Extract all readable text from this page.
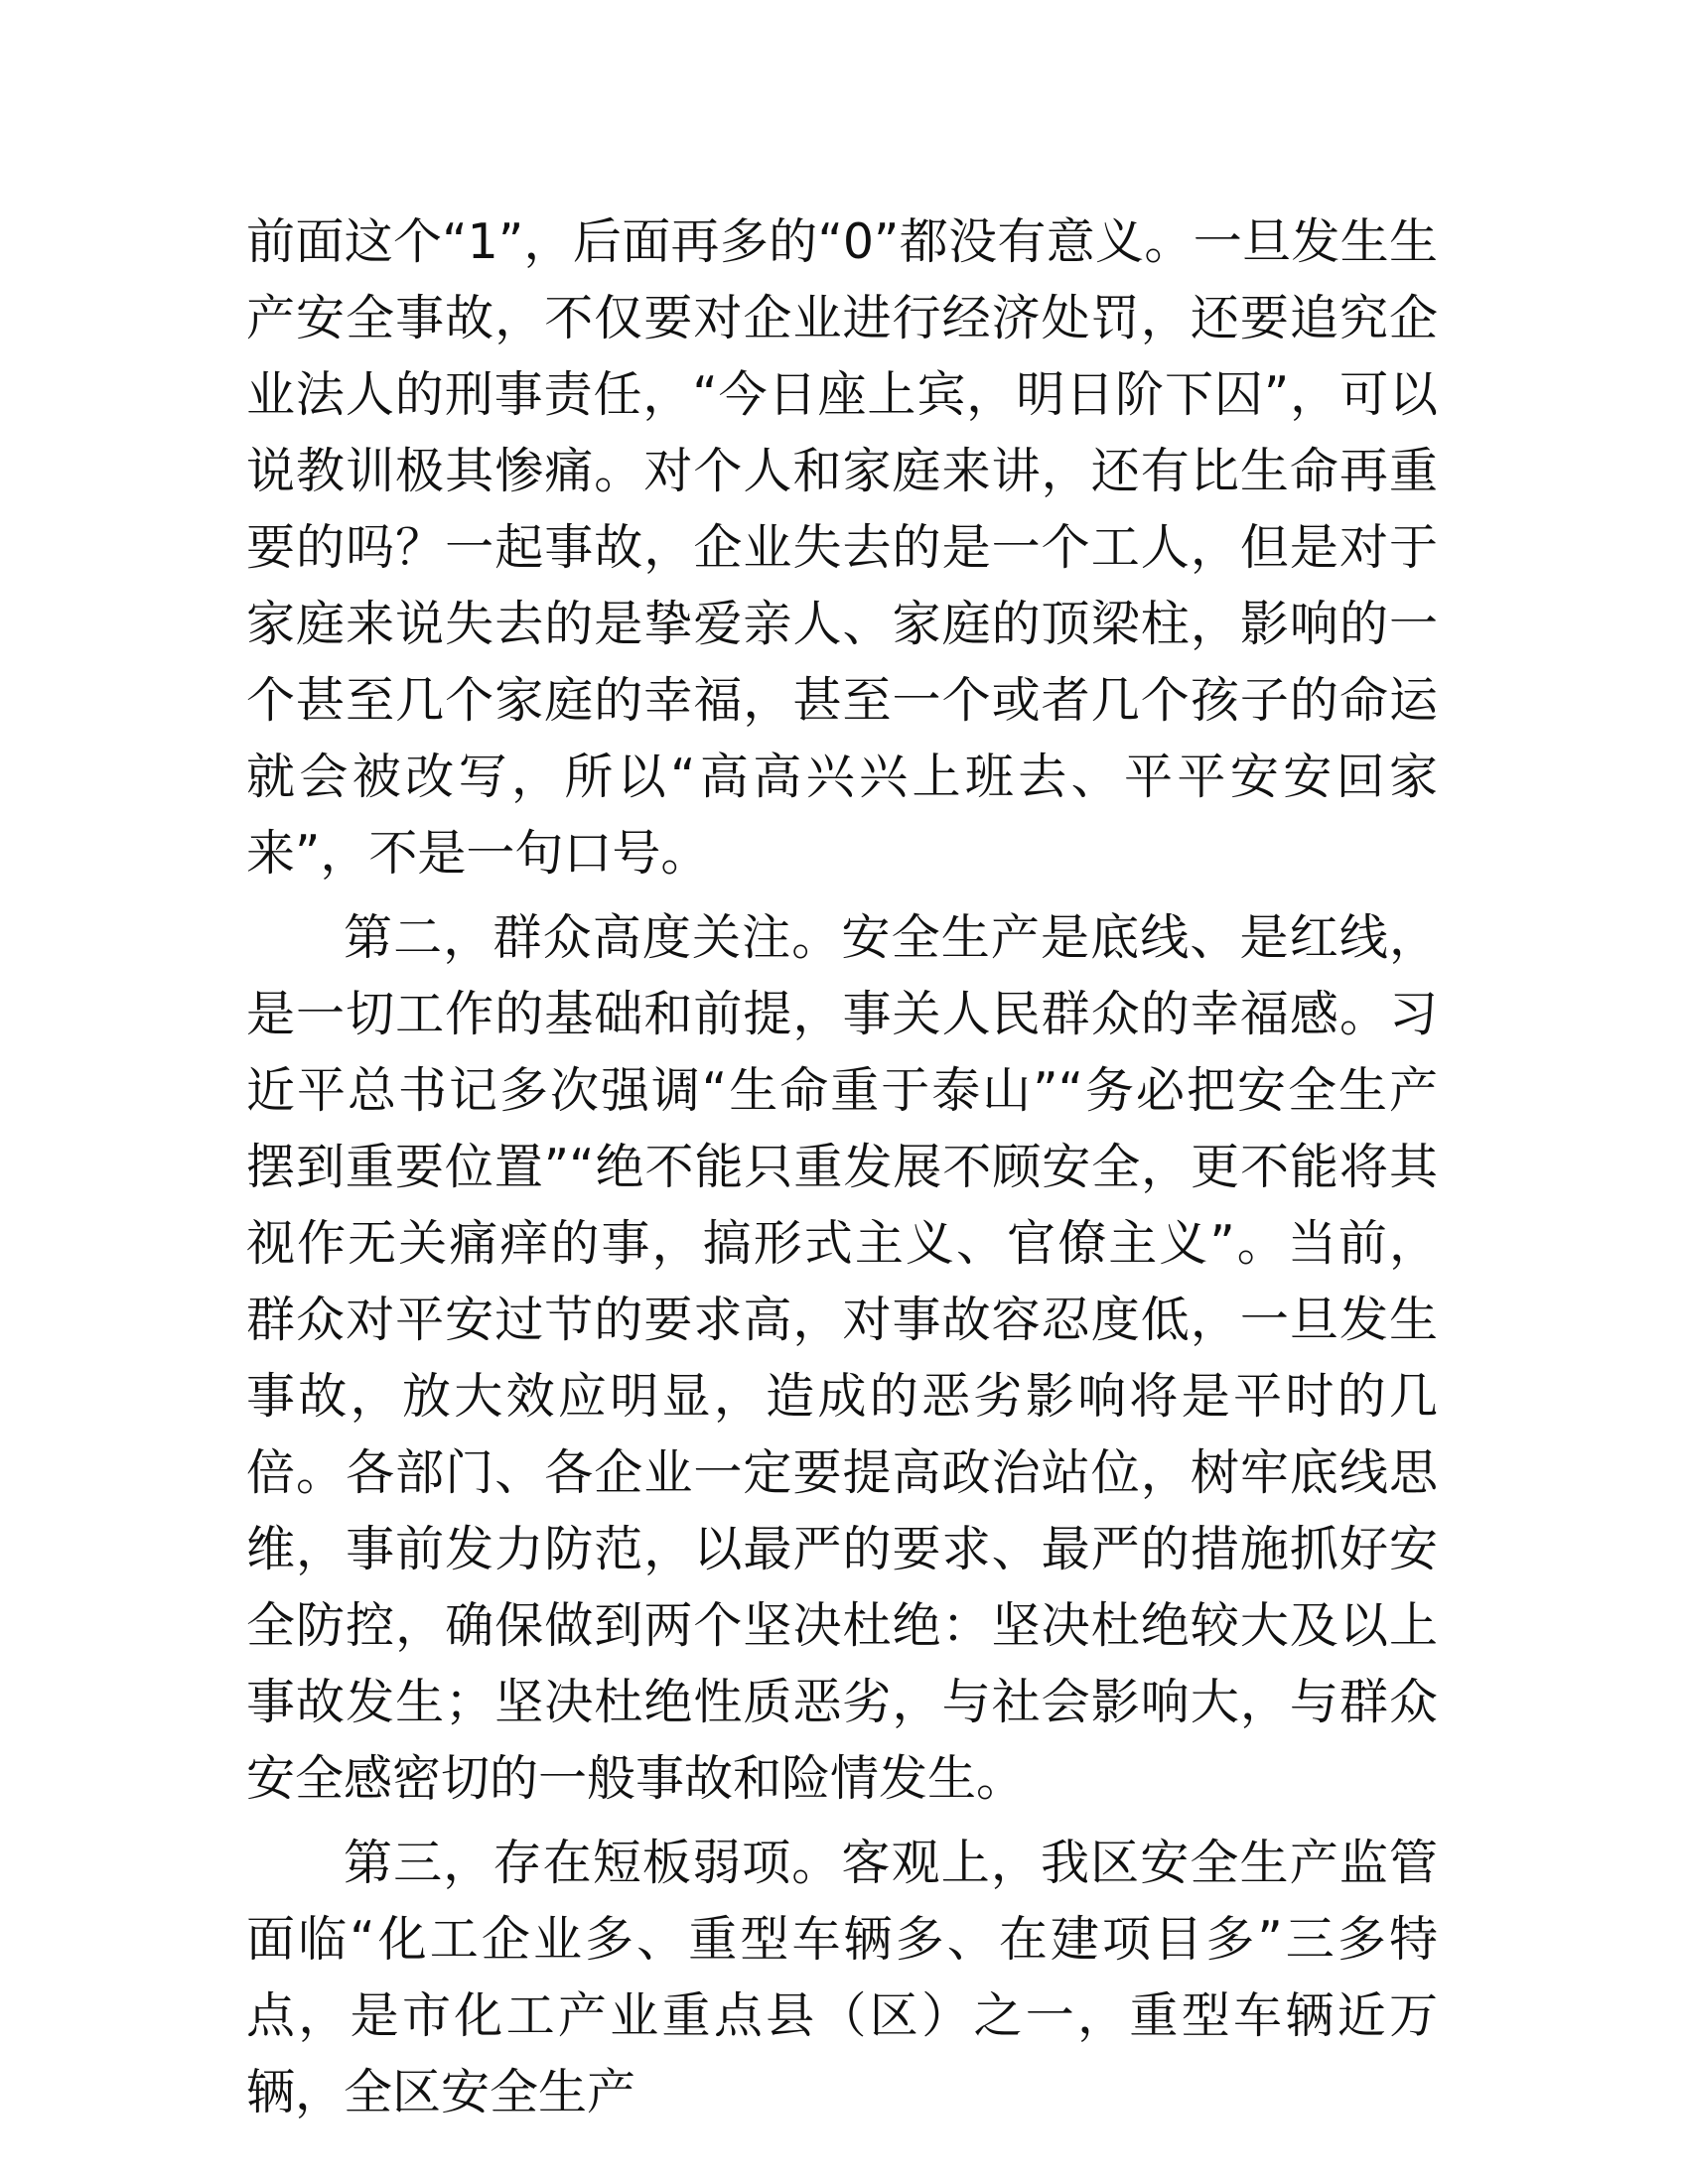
前面这个“1”，后面再多的“0”都没有意义。一旦发生生产安全事故，不仅要对企业进行经济处罚，还要追究企业法人的刑事责任，“今日座上宾，明日阶下囚”，可以说教训极其惨痛。对个人和家庭来讲，还有比生命再重要的吗？一起事故，企业失去的是一个工人，但是对于家庭来说失去的是挚爱亲人、家庭的顶梁柱，影响的一个甚至几个家庭的幸福，甚至一个或者几个孩子的命运就会被改写，所以“高高兴兴上班去、平平安安回家来”，不是一句口号。

第二，群众高度关注。安全生产是底线、是红线，是一切工作的基础和前提，事关人民群众的幸福感。习近平总书记多次强调“生命重于泰山”“务必把安全生产摆到重要位置”“绝不能只重发展不顾安全，更不能将其视作无关痛痒的事，搞形式主义、官僚主义”。当前，群众对平安过节的要求高，对事故容忍度低，一旦发生事故，放大效应明显，造成的恶劣影响将是平时的几倍。各部门、各企业一定要提高政治站位，树牢底线思维，事前发力防范，以最严的要求、最严的措施抓好安全防控，确保做到两个坚决杜绝：坚决杜绝较大及以上事故发生；坚决杜绝性质恶劣，与社会影响大，与群众安全感密切的一般事故和险情发生。

第三，存在短板弱项。客观上，我区安全生产监管面临“化工企业多、重型车辆多、在建项目多”三多特点，是市化工产业重点县（区）之一，重型车辆近万辆，全区安全生产
